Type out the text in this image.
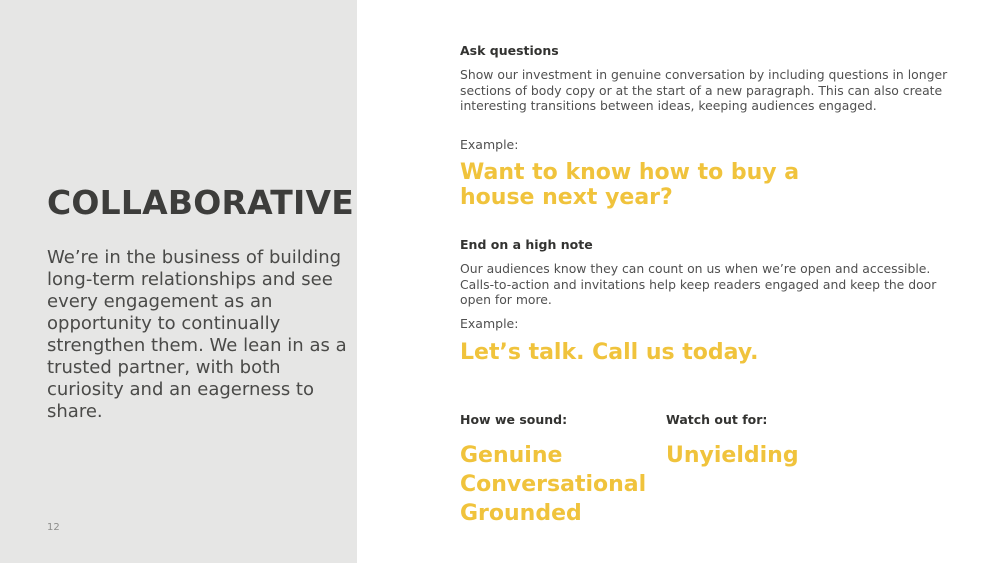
COLLABORATIVE

We’re in the business of building long-term relationships and see every engagement as an opportunity to continually strengthen them. We lean in as a trusted partner, with both curiosity and an eagerness to share.

12
Ask questions

Show our investment in genuine conversation by including questions in longer sections of body copy or at the start of a new paragraph. This can also create interesting transitions between ideas, keeping audiences engaged.

Example:

Want to know how to buy a house next year?

End on a high note

Our audiences know they can count on us when we’re open and accessible. Calls-to-action and invitations help keep readers engaged and keep the door open for more.

Example:

Let’s talk. Call us today.

How we sound:
Genuine
Conversational
Grounded
Watch out for:
Unyielding
